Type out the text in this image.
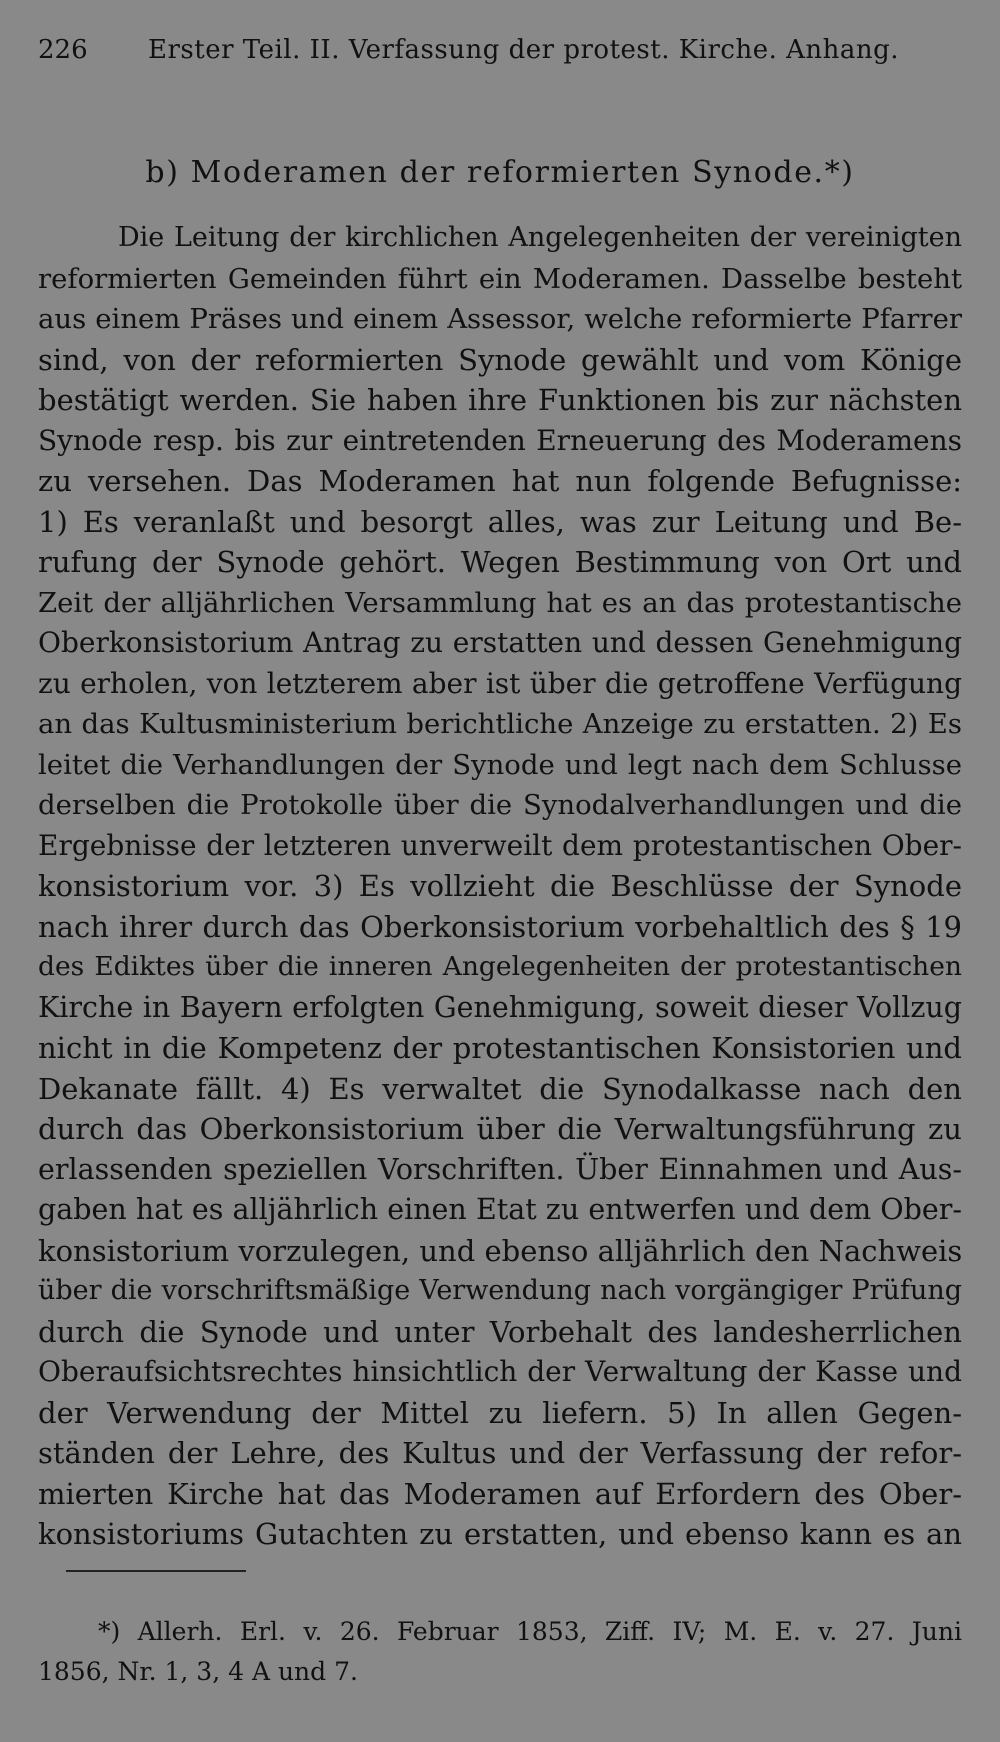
226 Erster Teil. II. Verfassung der protest. Kirche. Anhang.
b) Moderamen der reformierten Synode.*)
Die Leitung der kirchlichen Angelegenheiten der vereinigten
reformierten Gemeinden führt ein Moderamen. Dasselbe besteht
aus einem Präses und einem Assessor, welche reformierte Pfarrer
sind, von der reformierten Synode gewählt und vom Könige
bestätigt werden. Sie haben ihre Funktionen bis zur nächsten
Synode resp. bis zur eintretenden Erneuerung des Moderamens
zu versehen. Das Moderamen hat nun folgende Befugnisse:
1) Es veranlaßt und besorgt alles, was zur Leitung und Be-
rufung der Synode gehört. Wegen Bestimmung von Ort und
Zeit der alljährlichen Versammlung hat es an das protestantische
Oberkonsistorium Antrag zu erstatten und dessen Genehmigung
zu erholen, von letzterem aber ist über die getroffene Verfügung
an das Kultusministerium berichtliche Anzeige zu erstatten. 2) Es
leitet die Verhandlungen der Synode und legt nach dem Schlusse
derselben die Protokolle über die Synodalverhandlungen und die
Ergebnisse der letzteren unverweilt dem protestantischen Ober-
konsistorium vor. 3) Es vollzieht die Beschlüsse der Synode
nach ihrer durch das Oberkonsistorium vorbehaltlich des § 19
des Ediktes über die inneren Angelegenheiten der protestantischen
Kirche in Bayern erfolgten Genehmigung, soweit dieser Vollzug
nicht in die Kompetenz der protestantischen Konsistorien und
Dekanate fällt. 4) Es verwaltet die Synodalkasse nach den
durch das Oberkonsistorium über die Verwaltungsführung zu
erlassenden speziellen Vorschriften. Über Einnahmen und Aus-
gaben hat es alljährlich einen Etat zu entwerfen und dem Ober-
konsistorium vorzulegen, und ebenso alljährlich den Nachweis
über die vorschriftsmäßige Verwendung nach vorgängiger Prüfung
durch die Synode und unter Vorbehalt des landesherrlichen
Oberaufsichtsrechtes hinsichtlich der Verwaltung der Kasse und
der Verwendung der Mittel zu liefern. 5) In allen Gegen-
ständen der Lehre, des Kultus und der Verfassung der refor-
mierten Kirche hat das Moderamen auf Erfordern des Ober-
konsistoriums Gutachten zu erstatten, und ebenso kann es an
*) Allerh. Erl. v. 26. Februar 1853, Ziff. IV; M. E. v. 27. Juni
1856, Nr. 1, 3, 4 A und 7.
